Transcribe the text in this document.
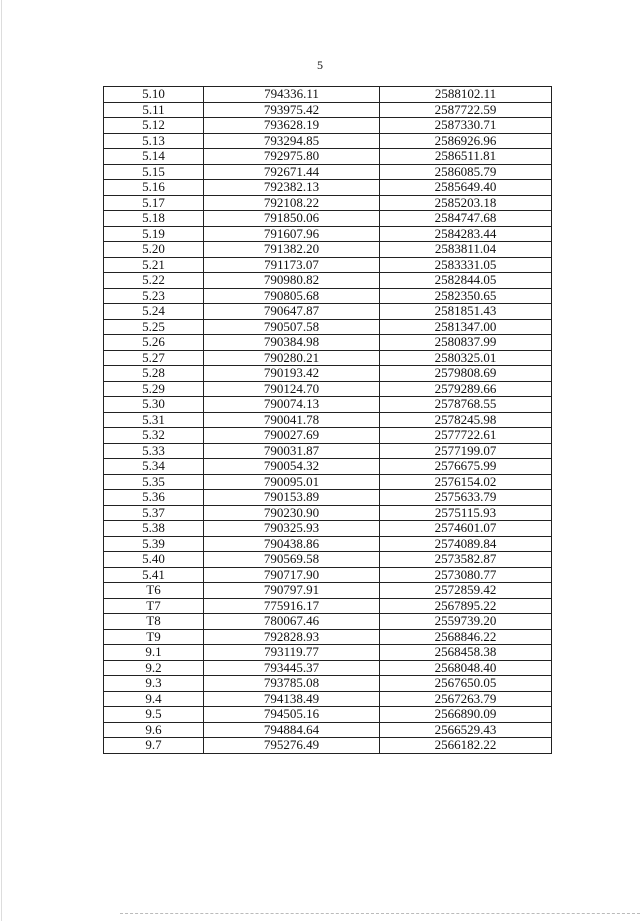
5
5.10	794336.11	2588102.11
5.11	793975.42	2587722.59
5.12	793628.19	2587330.71
5.13	793294.85	2586926.96
5.14	792975.80	2586511.81
5.15	792671.44	2586085.79
5.16	792382.13	2585649.40
5.17	792108.22	2585203.18
5.18	791850.06	2584747.68
5.19	791607.96	2584283.44
5.20	791382.20	2583811.04
5.21	791173.07	2583331.05
5.22	790980.82	2582844.05
5.23	790805.68	2582350.65
5.24	790647.87	2581851.43
5.25	790507.58	2581347.00
5.26	790384.98	2580837.99
5.27	790280.21	2580325.01
5.28	790193.42	2579808.69
5.29	790124.70	2579289.66
5.30	790074.13	2578768.55
5.31	790041.78	2578245.98
5.32	790027.69	2577722.61
5.33	790031.87	2577199.07
5.34	790054.32	2576675.99
5.35	790095.01	2576154.02
5.36	790153.89	2575633.79
5.37	790230.90	2575115.93
5.38	790325.93	2574601.07
5.39	790438.86	2574089.84
5.40	790569.58	2573582.87
5.41	790717.90	2573080.77
T6	790797.91	2572859.42
T7	775916.17	2567895.22
T8	780067.46	2559739.20
T9	792828.93	2568846.22
9.1	793119.77	2568458.38
9.2	793445.37	2568048.40
9.3	793785.08	2567650.05
9.4	794138.49	2567263.79
9.5	794505.16	2566890.09
9.6	794884.64	2566529.43
9.7	795276.49	2566182.22
